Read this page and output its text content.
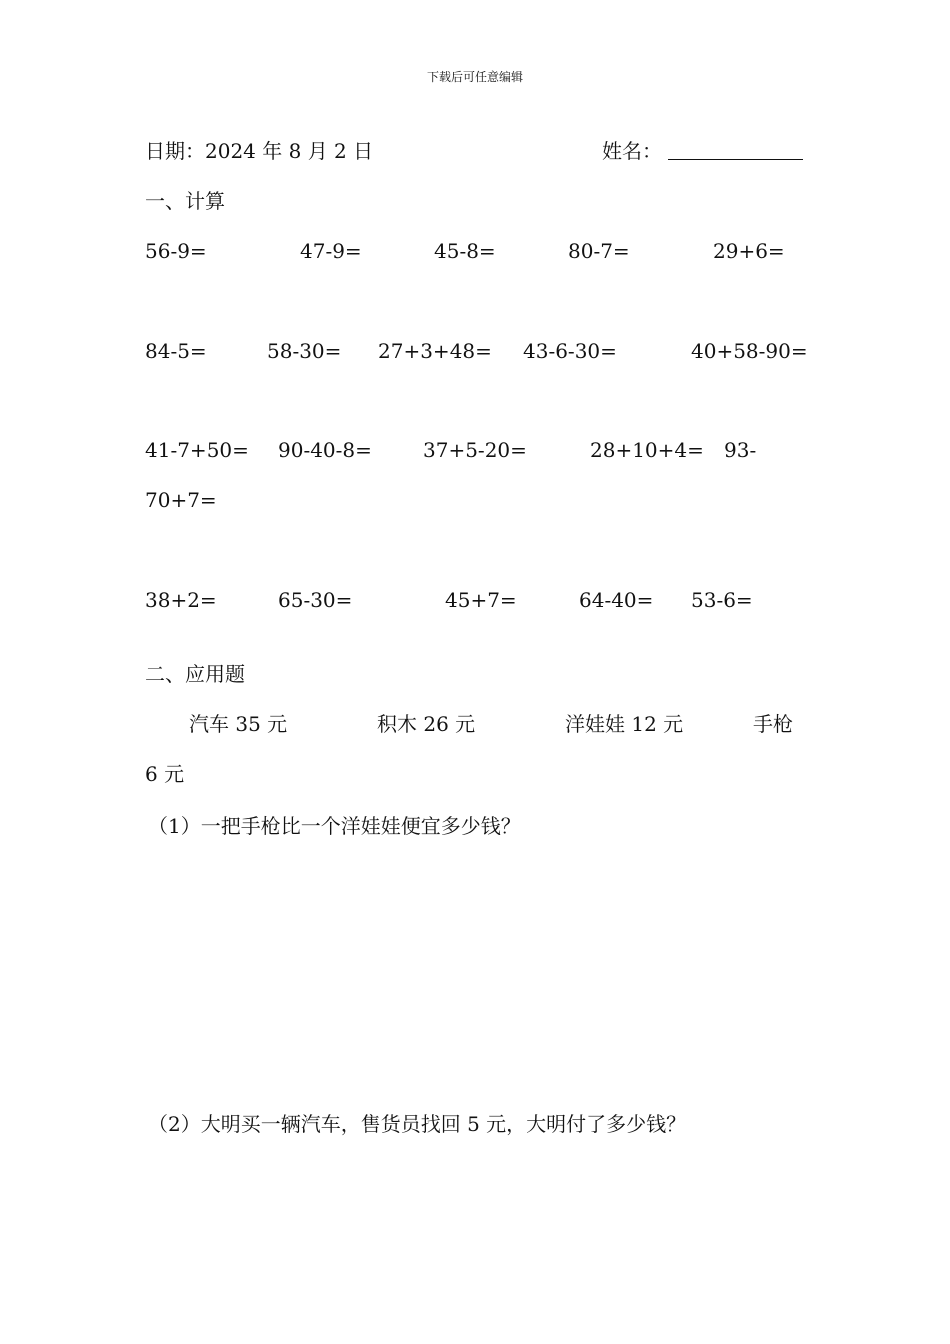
下载后可任意编辑
日期：2024 年 8 月 2 日	姓名：
一、计算
56-9=	47-9=	45-8=	80-7=	29+6=
84-5=	58-30= 27+3+48= 43-6-30=	40+58-90=
41-7+50= 90-40-8=	37+5-20=	28+10+4= 93-
70+7=
38+2=	65-30=	45+7=	64-40= 53-6=
二、应用题
汽车 35 元	积木 26 元	洋娃娃 12 元	手枪
6 元
（1）一把手枪比一个洋娃娃便宜多少钱？
（2）大明买一辆汽车，售货员找回 5 元，大明付了多少钱？
